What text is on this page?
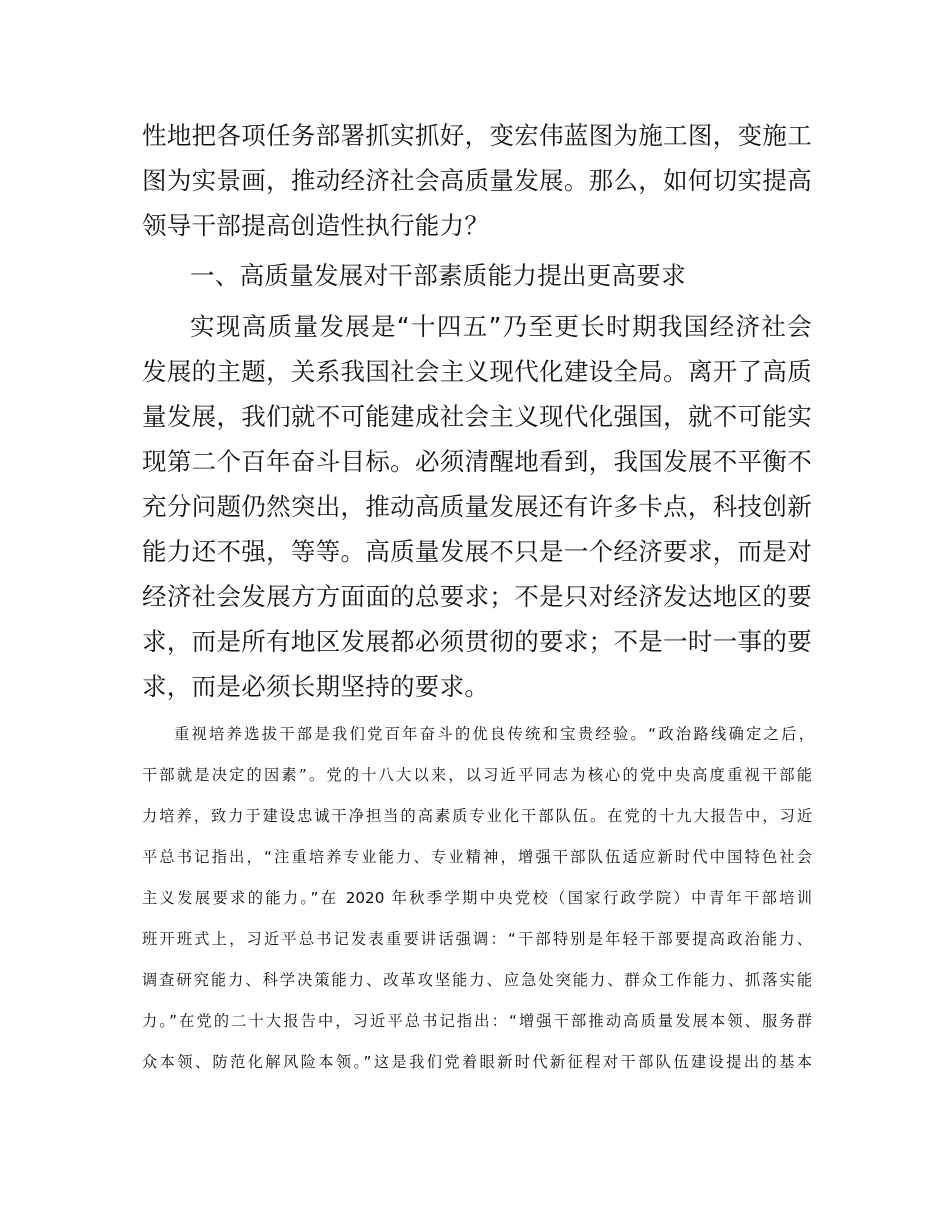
性地把各项任务部署抓实抓好，变宏伟蓝图为施工图，变施工
图为实景画，推动经济社会高质量发展。那么，如何切实提高
领导干部提高创造性执行能力？
一、高质量发展对干部素质能力提出更高要求
实现高质量发展是“十四五”乃至更长时期我国经济社会
发展的主题，关系我国社会主义现代化建设全局。离开了高质
量发展，我们就不可能建成社会主义现代化强国，就不可能实
现第二个百年奋斗目标。必须清醒地看到，我国发展不平衡不
充分问题仍然突出，推动高质量发展还有许多卡点，科技创新
能力还不强，等等。高质量发展不只是一个经济要求，而是对
经济社会发展方方面面的总要求；不是只对经济发达地区的要
求，而是所有地区发展都必须贯彻的要求；不是一时一事的要
求，而是必须长期坚持的要求。
重视培养选拔干部是我们党百年奋斗的优良传统和宝贵经验。“政治路线确定之后，
干部就是决定的因素”。党的十八大以来，以习近平同志为核心的党中央高度重视干部能
力培养，致力于建设忠诚干净担当的高素质专业化干部队伍。在党的十九大报告中，习近
平总书记指出，“注重培养专业能力、专业精神，增强干部队伍适应新时代中国特色社会
主义发展要求的能力。”在 2020 年秋季学期中央党校（国家行政学院）中青年干部培训
班开班式上，习近平总书记发表重要讲话强调：“干部特别是年轻干部要提高政治能力、
调查研究能力、科学决策能力、改革攻坚能力、应急处突能力、群众工作能力、抓落实能
力。”在党的二十大报告中，习近平总书记指出：“增强干部推动高质量发展本领、服务群
众本领、防范化解风险本领。”这是我们党着眼新时代新征程对干部队伍建设提出的基本
